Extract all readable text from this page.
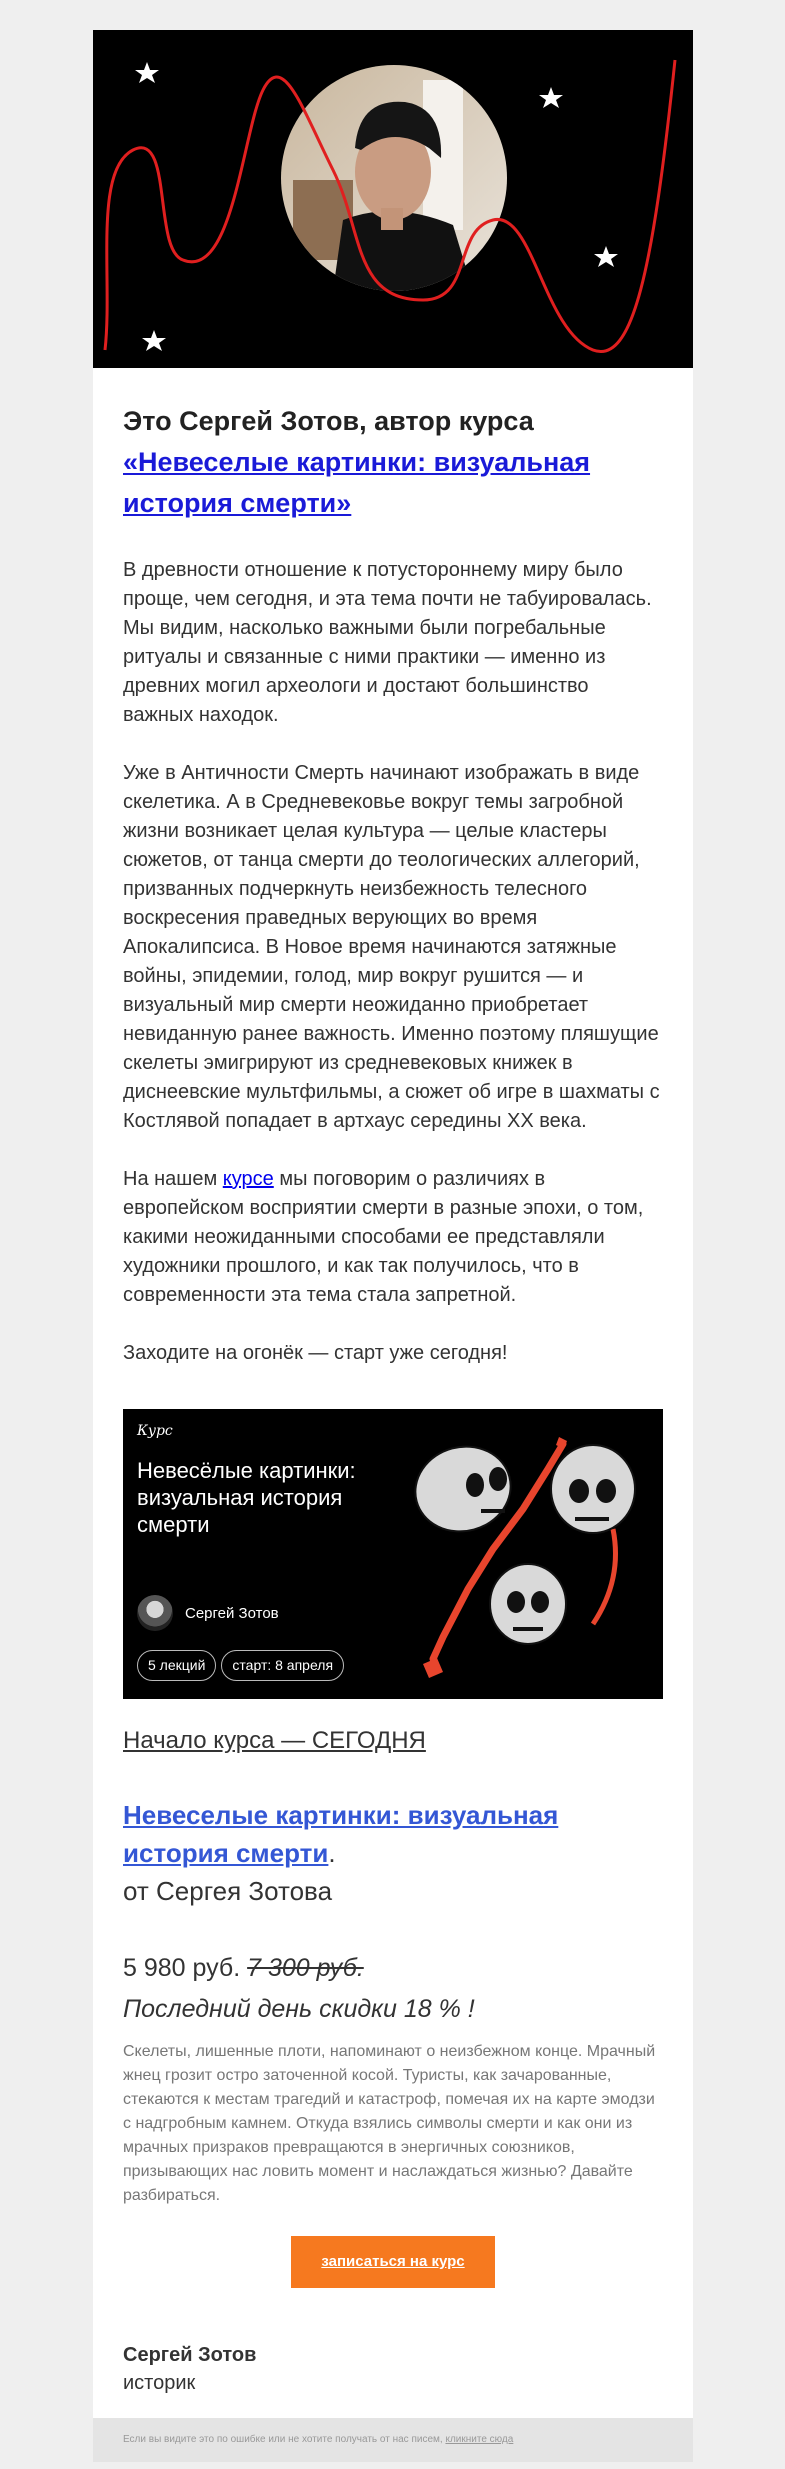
Это Сергей Зотов, автор курса «Невеселые картинки: визуальная история смерти»

В древности отношение к потустороннему миру было проще, чем сегодня, и эта тема почти не табуировалась. Мы видим, насколько важными были погребальные ритуалы и связанные с ними практики — именно из древних могил археологи и достают большинство важных находок.

Уже в Античности Смерть начинают изображать в виде скелетика. А в Средневековье вокруг темы загробной жизни возникает целая культура — целые кластеры сюжетов, от танца смерти до теологических аллегорий, призванных подчеркнуть неизбежность телесного воскресения праведных верующих во время Апокалипсиса. В Новое время начинаются затяжные войны, эпидемии, голод, мир вокруг рушится — и визуальный мир смерти неожиданно приобретает невиданную ранее важность. Именно поэтому пляшущие скелеты эмигрируют из средневековых книжек в диснеевские мультфильмы, а сюжет об игре в шахматы с Костлявой попадает в артхаус середины XX века.

На нашем курсе мы поговорим о различиях в европейском восприятии смерти в разные эпохи, о том, какими неожиданными способами ее представляли художники прошлого, и как так получилось, что в современности эта тема стала запретной.

Заходите на огонёк — старт уже сегодня!

Курс
Невесёлые картинки: визуальная история смерти
Сергей Зотов
5 лекций	старт: 8 апреля
Начало курса — СЕГОДНЯ
Невеселые картинки: визуальная история смерти.
от Сергея Зотова
5 980 руб. 7 300 руб.
Последний день скидки 18 % !

Скелеты, лишенные плоти, напоминают о неизбежном конце. Мрачный жнец грозит остро заточенной косой. Туристы, как зачарованные, стекаются к местам трагедий и катастроф, помечая их на карте эмодзи с надгробным камнем. Откуда взялись символы смерти и как они из мрачных призраков превращаются в энергичных союзников, призывающих нас ловить момент и наслаждаться жизнью? Давайте разбираться.

записаться на курс
Сергей Зотов
историк
Если вы видите это по ошибке или не хотите получать от нас писем, кликните сюда
